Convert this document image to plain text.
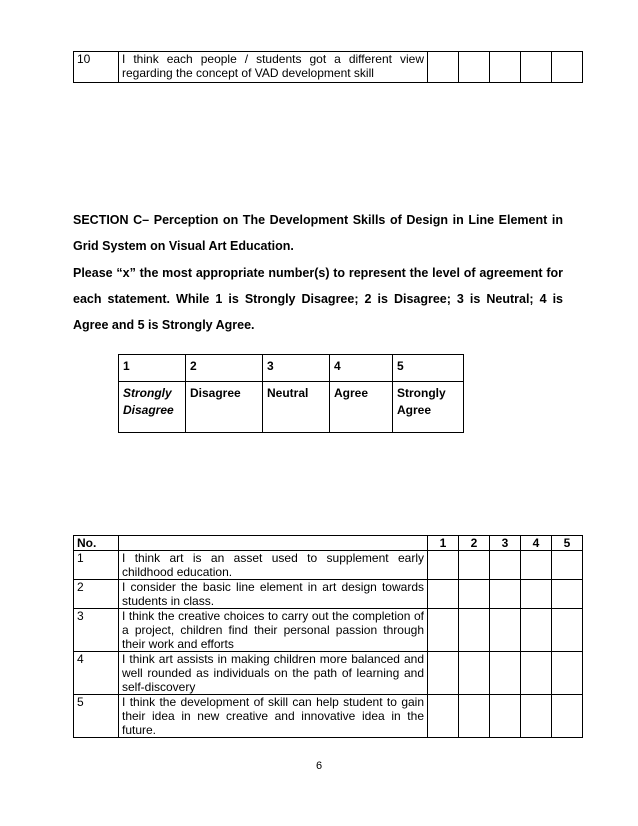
10	I think each people / students got a different view regarding the concept of VAD development skill					
SECTION C– Perception on The Development Skills of Design in Line Element in Grid System on Visual Art Education.
Please “x” the most appropriate number(s) to represent the level of agreement for each statement. While 1 is Strongly Disagree; 2 is Disagree; 3 is Neutral; 4 is Agree and 5 is Strongly Agree.
1	2	3	4	5
Strongly Disagree	Disagree	Neutral	Agree	Strongly Agree
No.		1	2	3	4	5
1	I think art is an asset used to supplement early childhood education.					
2	I consider the basic line element in art design towards students in class.					
3	I think the creative choices to carry out the completion of a project, children find their personal passion through their work and efforts					
4	I think art assists in making children more balanced and well rounded as individuals on the path of learning and self-discovery					
5	I think the development of skill can help student to gain their idea in new creative and innovative idea in the future.					
6
